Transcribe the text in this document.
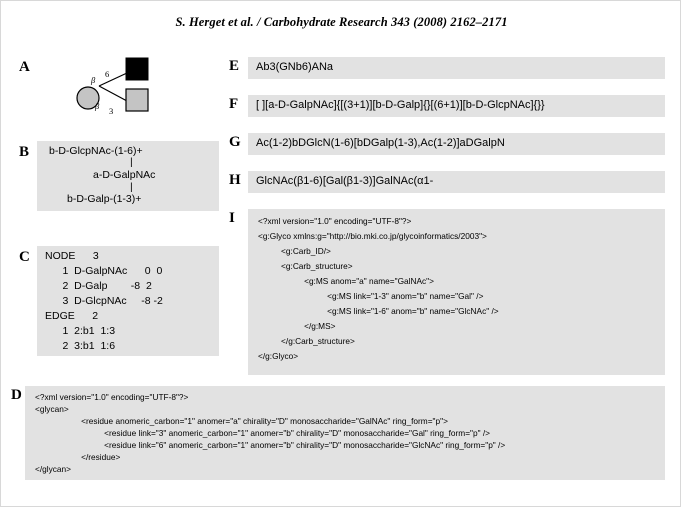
S. Herget et al. / Carbohydrate Research 343 (2008) 2162–2171
A
β
6
β 3
B b-D-GlcpNAc-(1-6)+
|
a-D-GalpNAc
|
b-D-Galp-(1-3)+
C NODE      3
1  D-GalpNAc      0  0
2  D-Galp        -8  2
3  D-GlcpNAc     -8 -2
EDGE      2
1  2:b1  1:3
2  3:b1  1:6
D <?xml version="1.0" encoding="UTF-8"?>
<glycan>
<residue anomeric_carbon="1" anomer="a" chirality="D" monosaccharide="GalNAc" ring_form="p">
<residue link="3" anomeric_carbon="1" anomer="b" chirality="D" monosaccharide="Gal" ring_form="p" />
<residue link="6" anomeric_carbon="1" anomer="b" chirality="D" monosaccharide="GlcNAc" ring_form="p" />
</residue>
</glycan>
E Ab3(GNb6)ANa
F [ ][a-D-GalpNAc]{[(3+1)][b-D-Galp]{}[(6+1)][b-D-GlcpNAc]{}}
G Ac(1-2)bDGlcN(1-6)[bDGalp(1-3),Ac(1-2)]aDGalpN
H GlcNAc(β1-6)[Gal(β1-3)]GalNAc(α1-
I	<?xml version="1.0" encoding="UTF-8"?>
<g:Glyco xmlns:g="http://bio.mki.co.jp/glycoinformatics/2003">
<g:Carb_ID/>
<g:Carb_structure>
<g:MS anom="a" name="GalNAc">
<g:MS link="1-3" anom="b" name="Gal" />
<g:MS link="1-6" anom="b" name="GlcNAc" />
</g:MS>
</g:Carb_structure>
</g:Glyco>
